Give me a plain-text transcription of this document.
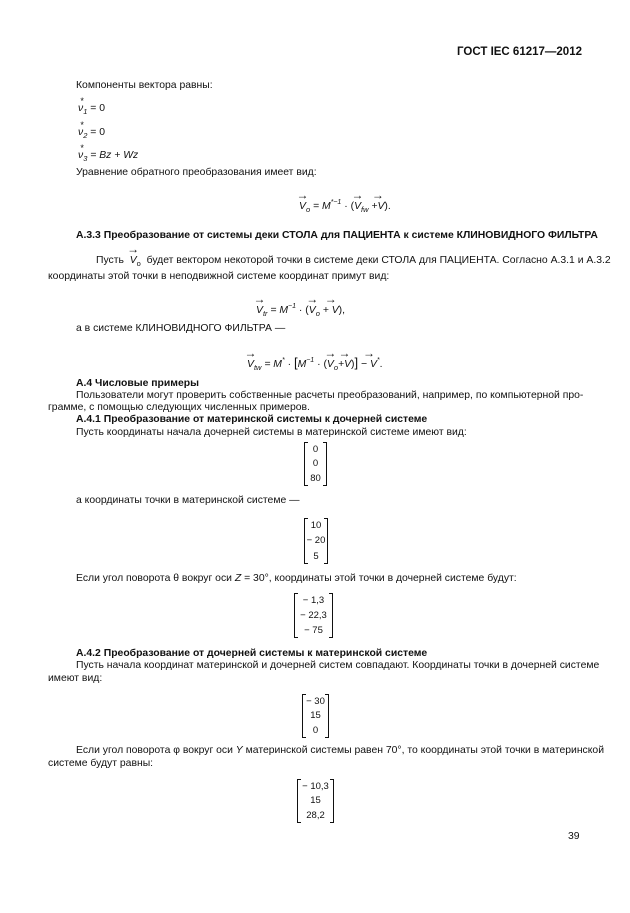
ГОСТ IEC 61217—2012
Компоненты вектора равны:
* $\nu_1 = 0$
* $\nu_2 = 0$
* $\nu_3 = Bz + Wz$
Уравнение обратного преобразования имеет вид:
→ $V_o = M^{*-1}$ · (→ $V_{fw} \to +V$).
А.3.3 Преобразование от системы деки СТОЛА для ПАЦИЕНТА к системе КЛИНОВИДНОГО ФИЛЬТРА
Пусть → $V_o$ будет вектором некоторой точки в системе деки СТОЛА для ПАЦИЕНТА. Согласно А.3.1 и А.3.2
координаты этой точки в неподвижной системе координат примут вид:
→ $V_{tr} = M^{-1}$ · (→ $V_o$ → + V),
а в системе КЛИНОВИДНОГО ФИЛЬТРА —
→ $V_{tw} = M^* \cdot [M^{-1}$ · (→ $V_o\to +V$)] → − V*.
А.4 Числовые примеры
Пользователи могут проверить собственные расчеты преобразований, например, по компьютерной про-
грамме, с помощью следующих численных примеров.
А.4.1 Преобразование от материнской системы к дочерней системе
Пусть координаты начала дочерней системы в материнской системе имеют вид:
0
0
80
а координаты точки в материнской системе —
10
− 20
5
Если угол поворота θ вокруг оси Z = 30°, координаты этой точки в дочерней системе будут:
− 1,3
− 22,3
− 75
А.4.2 Преобразование от дочерней системы к материнской системе
Пусть начала координат материнской и дочерней систем совпадают. Координаты точки в дочерней системе
имеют вид:
− 30
15
0
Если угол поворота φ вокруг оси Y материнской системы равен 70°, то координаты этой точки в материнской
системе будут равны:
− 10,3
15
28,2
39
